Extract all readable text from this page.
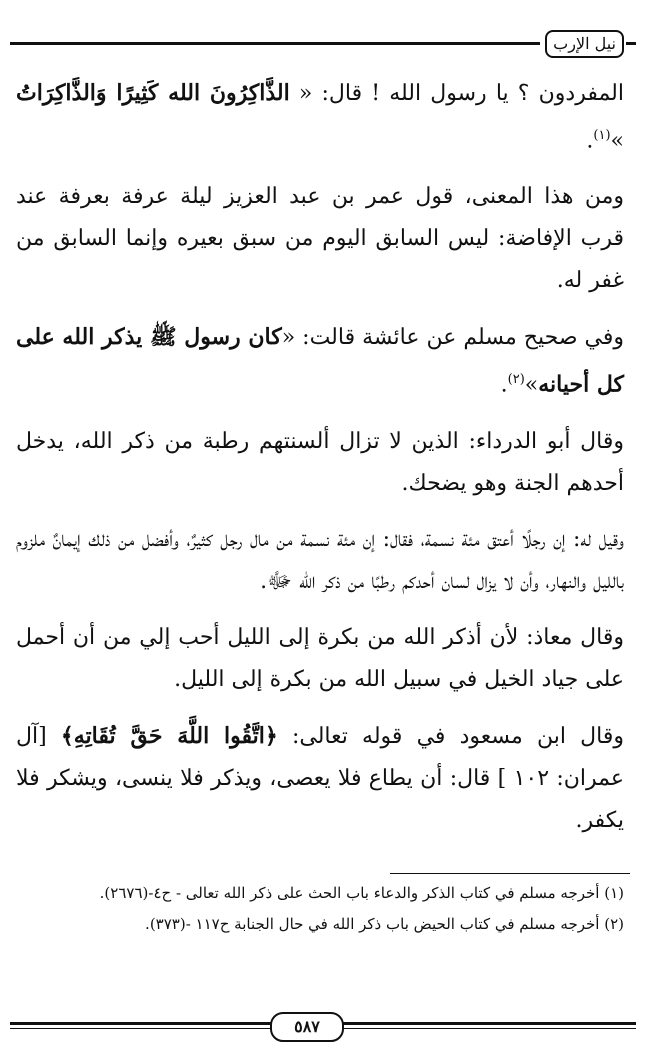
نيل الإرب

المفردون ؟ يا رسول الله ! قال: « الذَّاكِرُونَ الله كَثِيرًا وَالذَّاكِرَاتُ »$^{(١)}$.

ومن هذا المعنى، قول عمر بن عبد العزيز ليلة عرفة بعرفة عند قرب الإفاضة: ليس السابق اليوم من سبق بعيره وإنما السابق من غفر له.

وفي صحيح مسلم عن عائشة قالت: «كان رسول ﷺ يذكر الله على كل أحيانه»$^{(٢)}$.

وقال أبو الدرداء: الذين لا تزال ألسنتهم رطبة من ذكر الله، يدخل أحدهم الجنة وهو يضحك.

وقيل له: إن رجلًا أعتق مئة نسمة، فقال: إن مئة نسمة من مال رجل كثيرٌ، وأفضل من ذلك إيمانٌ ملزوم بالليل والنهار، وأن لا يزال لسان أحدكم رطبًا من ذكر الله ﷻ.

وقال معاذ: لأن أذكر الله من بكرة إلى الليل أحب إلي من أن أحمل على جياد الخيل في سبيل الله من بكرة إلى الليل.

وقال ابن مسعود في قوله تعالى: ﴿اتَّقُوا اللَّهَ حَقَّ تُقَاتِهِ﴾ [آل عمران: ١٠٢ ] قال: أن يطاع فلا يعصى، ويذكر فلا ينسى، ويشكر فلا يكفر.

(١) أخرجه مسلم في كتاب الذكر والدعاء باب الحث على ذكر الله تعالى - ح٤-(٢٦٧٦).

(٢) أخرجه مسلم في كتاب الحيض باب ذكر الله في حال الجنابة ح١١٧ -(٣٧٣).

٥٨٧
